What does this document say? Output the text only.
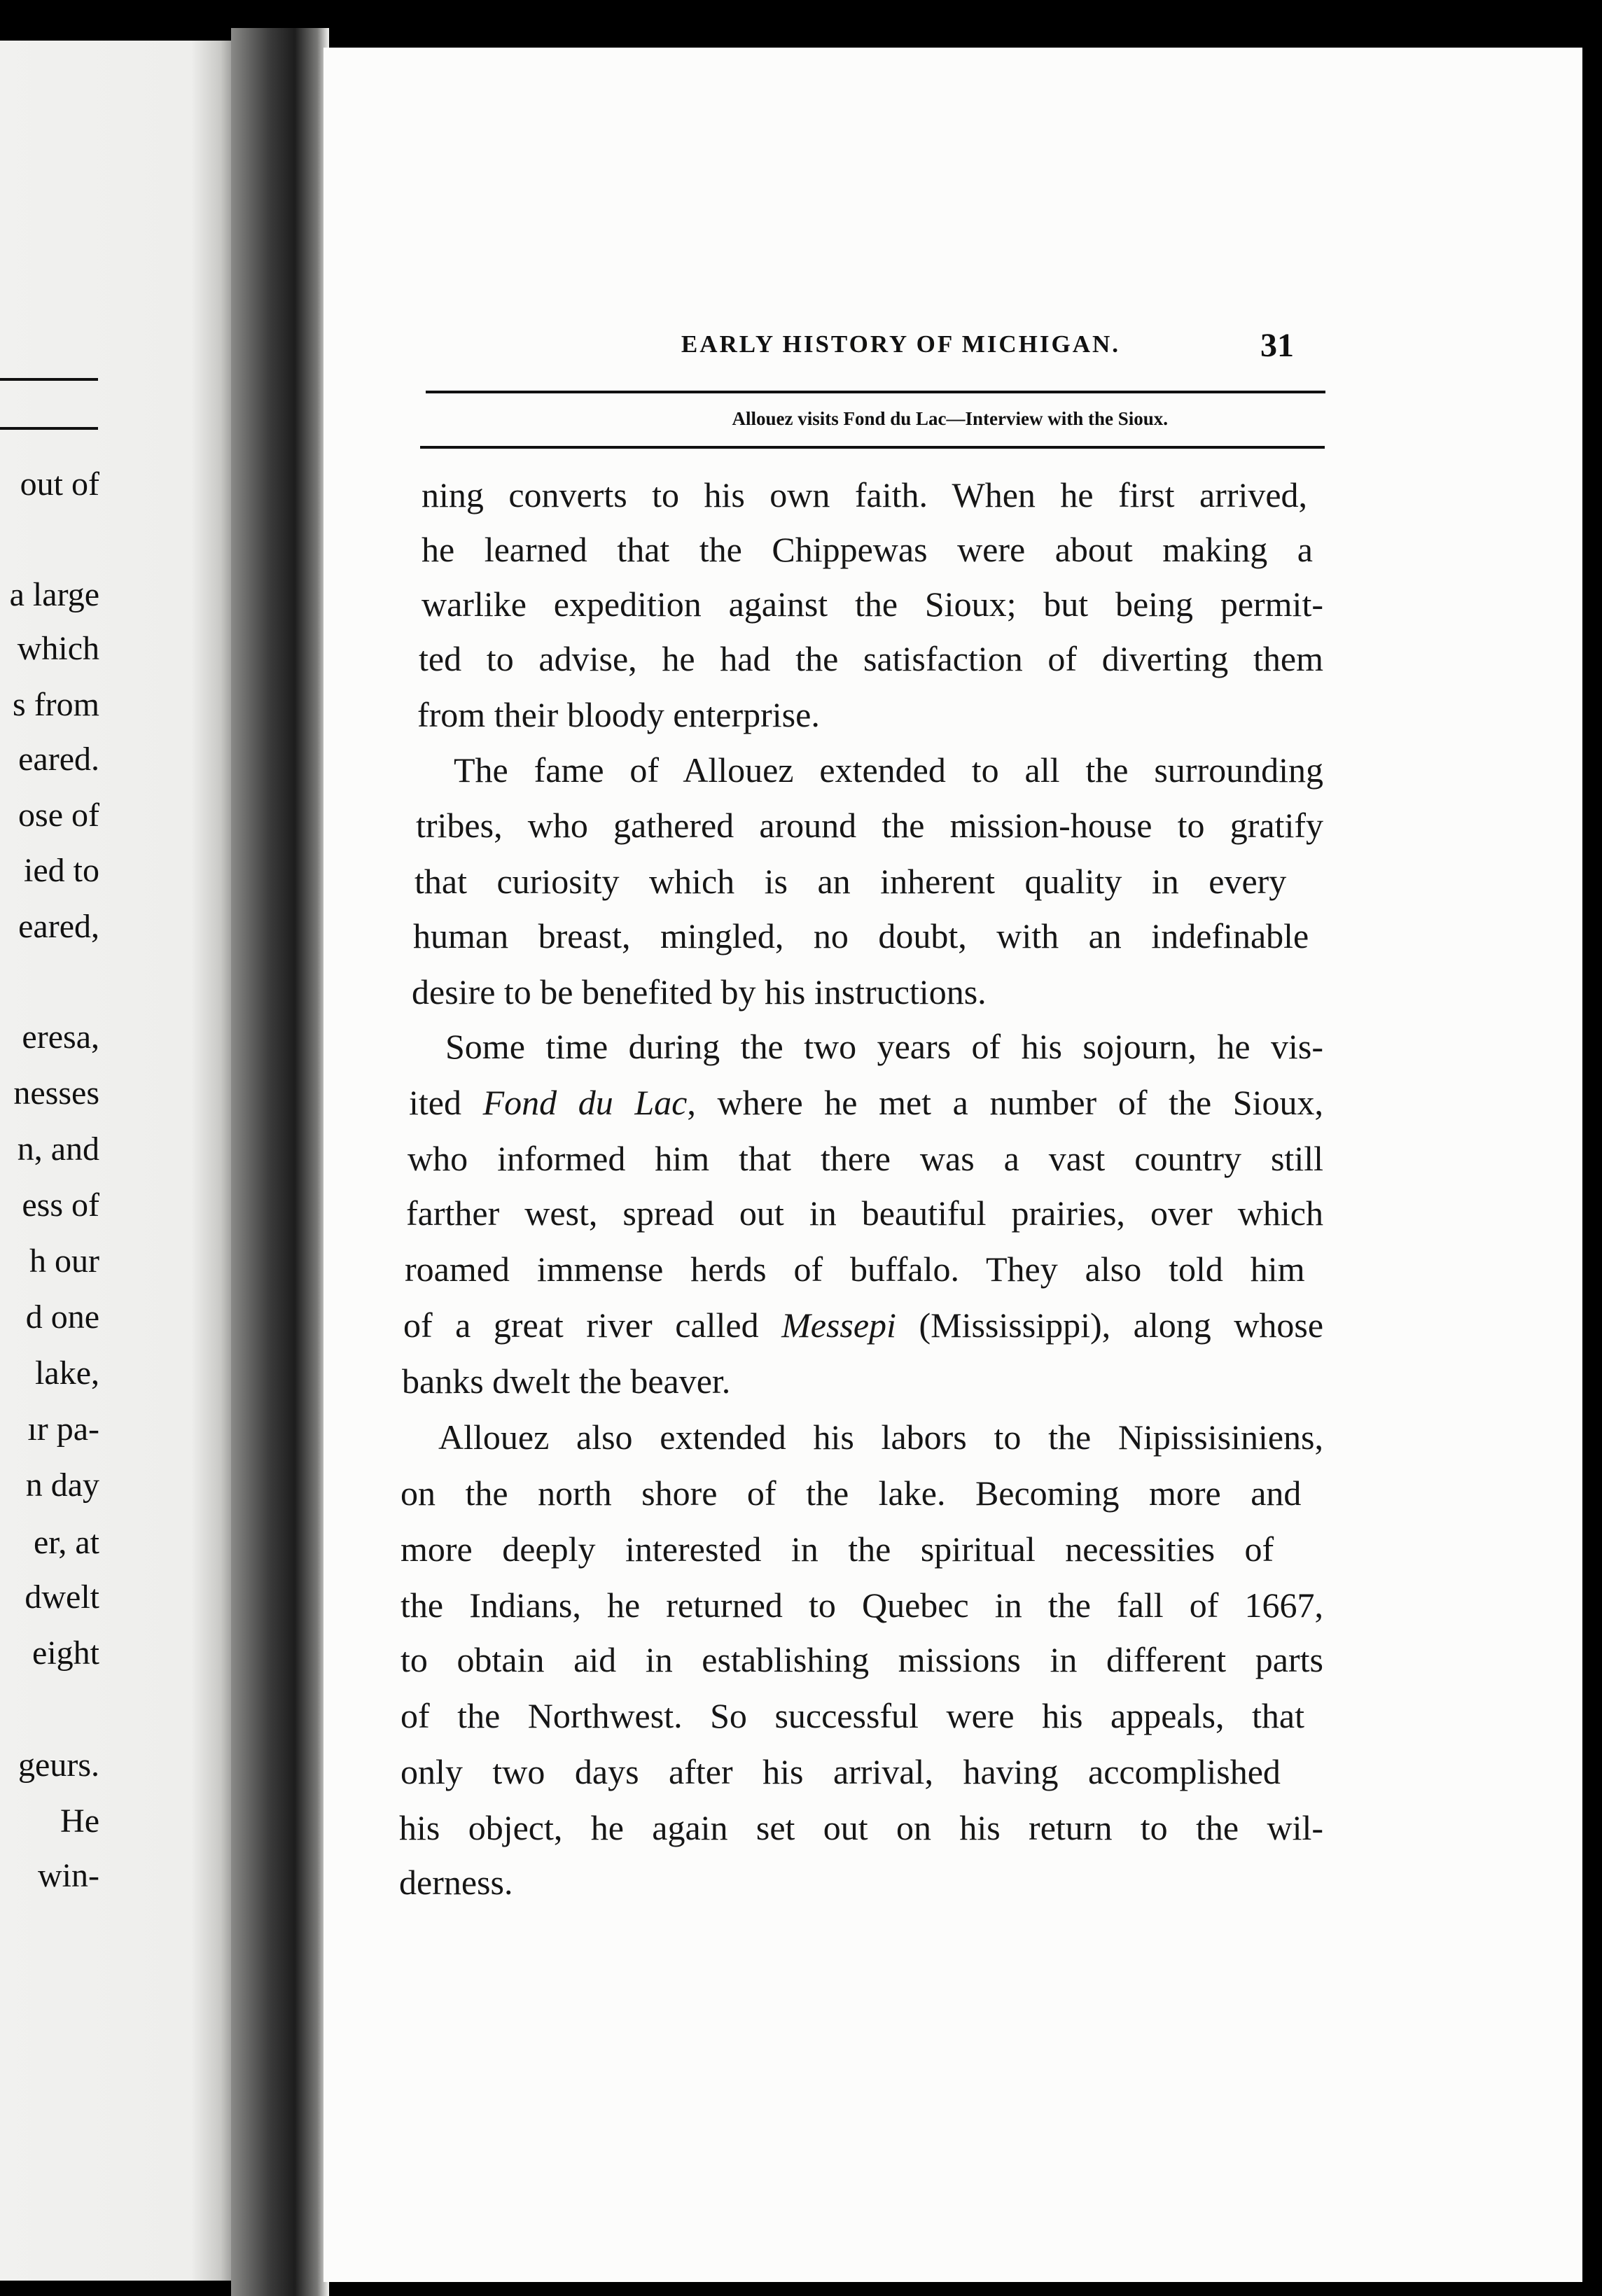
out of
a large
which
s from
eared.
ose of
ied to
eared,
eresa,
nesses
n, and
ess of
h our
d one
lake,
ır pa-
n day
er, at
dwelt
eight
geurs.
He
win-
EARLY HISTORY OF MICHIGAN.	31
Allouez visits Fond du Lac—Interview with the Sioux.
ning converts to his own faith. When he first arrived,
he learned that the Chippewas were about making a
warlike expedition against the Sioux; but being permit-
ted to advise, he had the satisfaction of diverting them
from their bloody enterprise.
The fame of Allouez extended to all the surrounding
tribes, who gathered around the mission-house to gratify
that curiosity which is an inherent quality in every
human breast, mingled, no doubt, with an indefinable
desire to be benefited by his instructions.
Some time during the two years of his sojourn, he vis-
ited Fond du Lac, where he met a number of the Sioux,
who informed him that there was a vast country still
farther west, spread out in beautiful prairies, over which
roamed immense herds of buffalo. They also told him
of a great river called Messepi (Mississippi), along whose
banks dwelt the beaver.
Allouez also extended his labors to the Nipissisiniens,
on the north shore of the lake. Becoming more and
more deeply interested in the spiritual necessities of
the Indians, he returned to Quebec in the fall of 1667,
to obtain aid in establishing missions in different parts
of the Northwest. So successful were his appeals, that
only two days after his arrival, having accomplished
his object, he again set out on his return to the wil-
derness.
